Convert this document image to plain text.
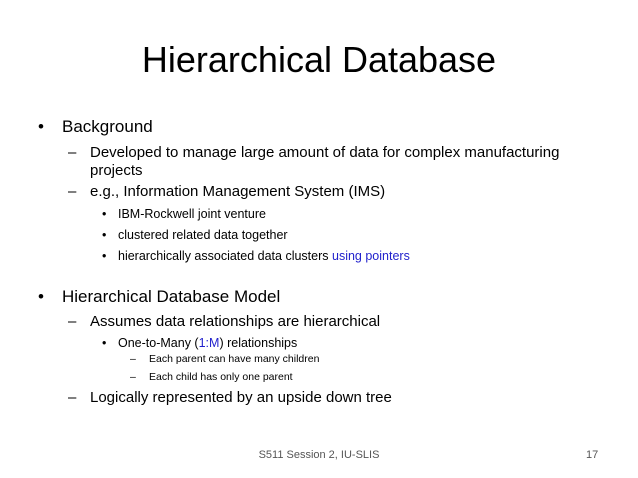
Hierarchical Database
• Background
– Developed to manage large amount of data for complex manufacturing
projects
– e.g., Information Management System (IMS)
• IBM-Rockwell joint venture
• clustered related data together
• hierarchically associated data clusters using pointers
• Hierarchical Database Model
– Assumes data relationships are hierarchical
• One-to-Many (1:M) relationships
– Each parent can have many children
– Each child has only one parent
– Logically represented by an upside down tree
S511 Session 2, IU-SLIS	17
